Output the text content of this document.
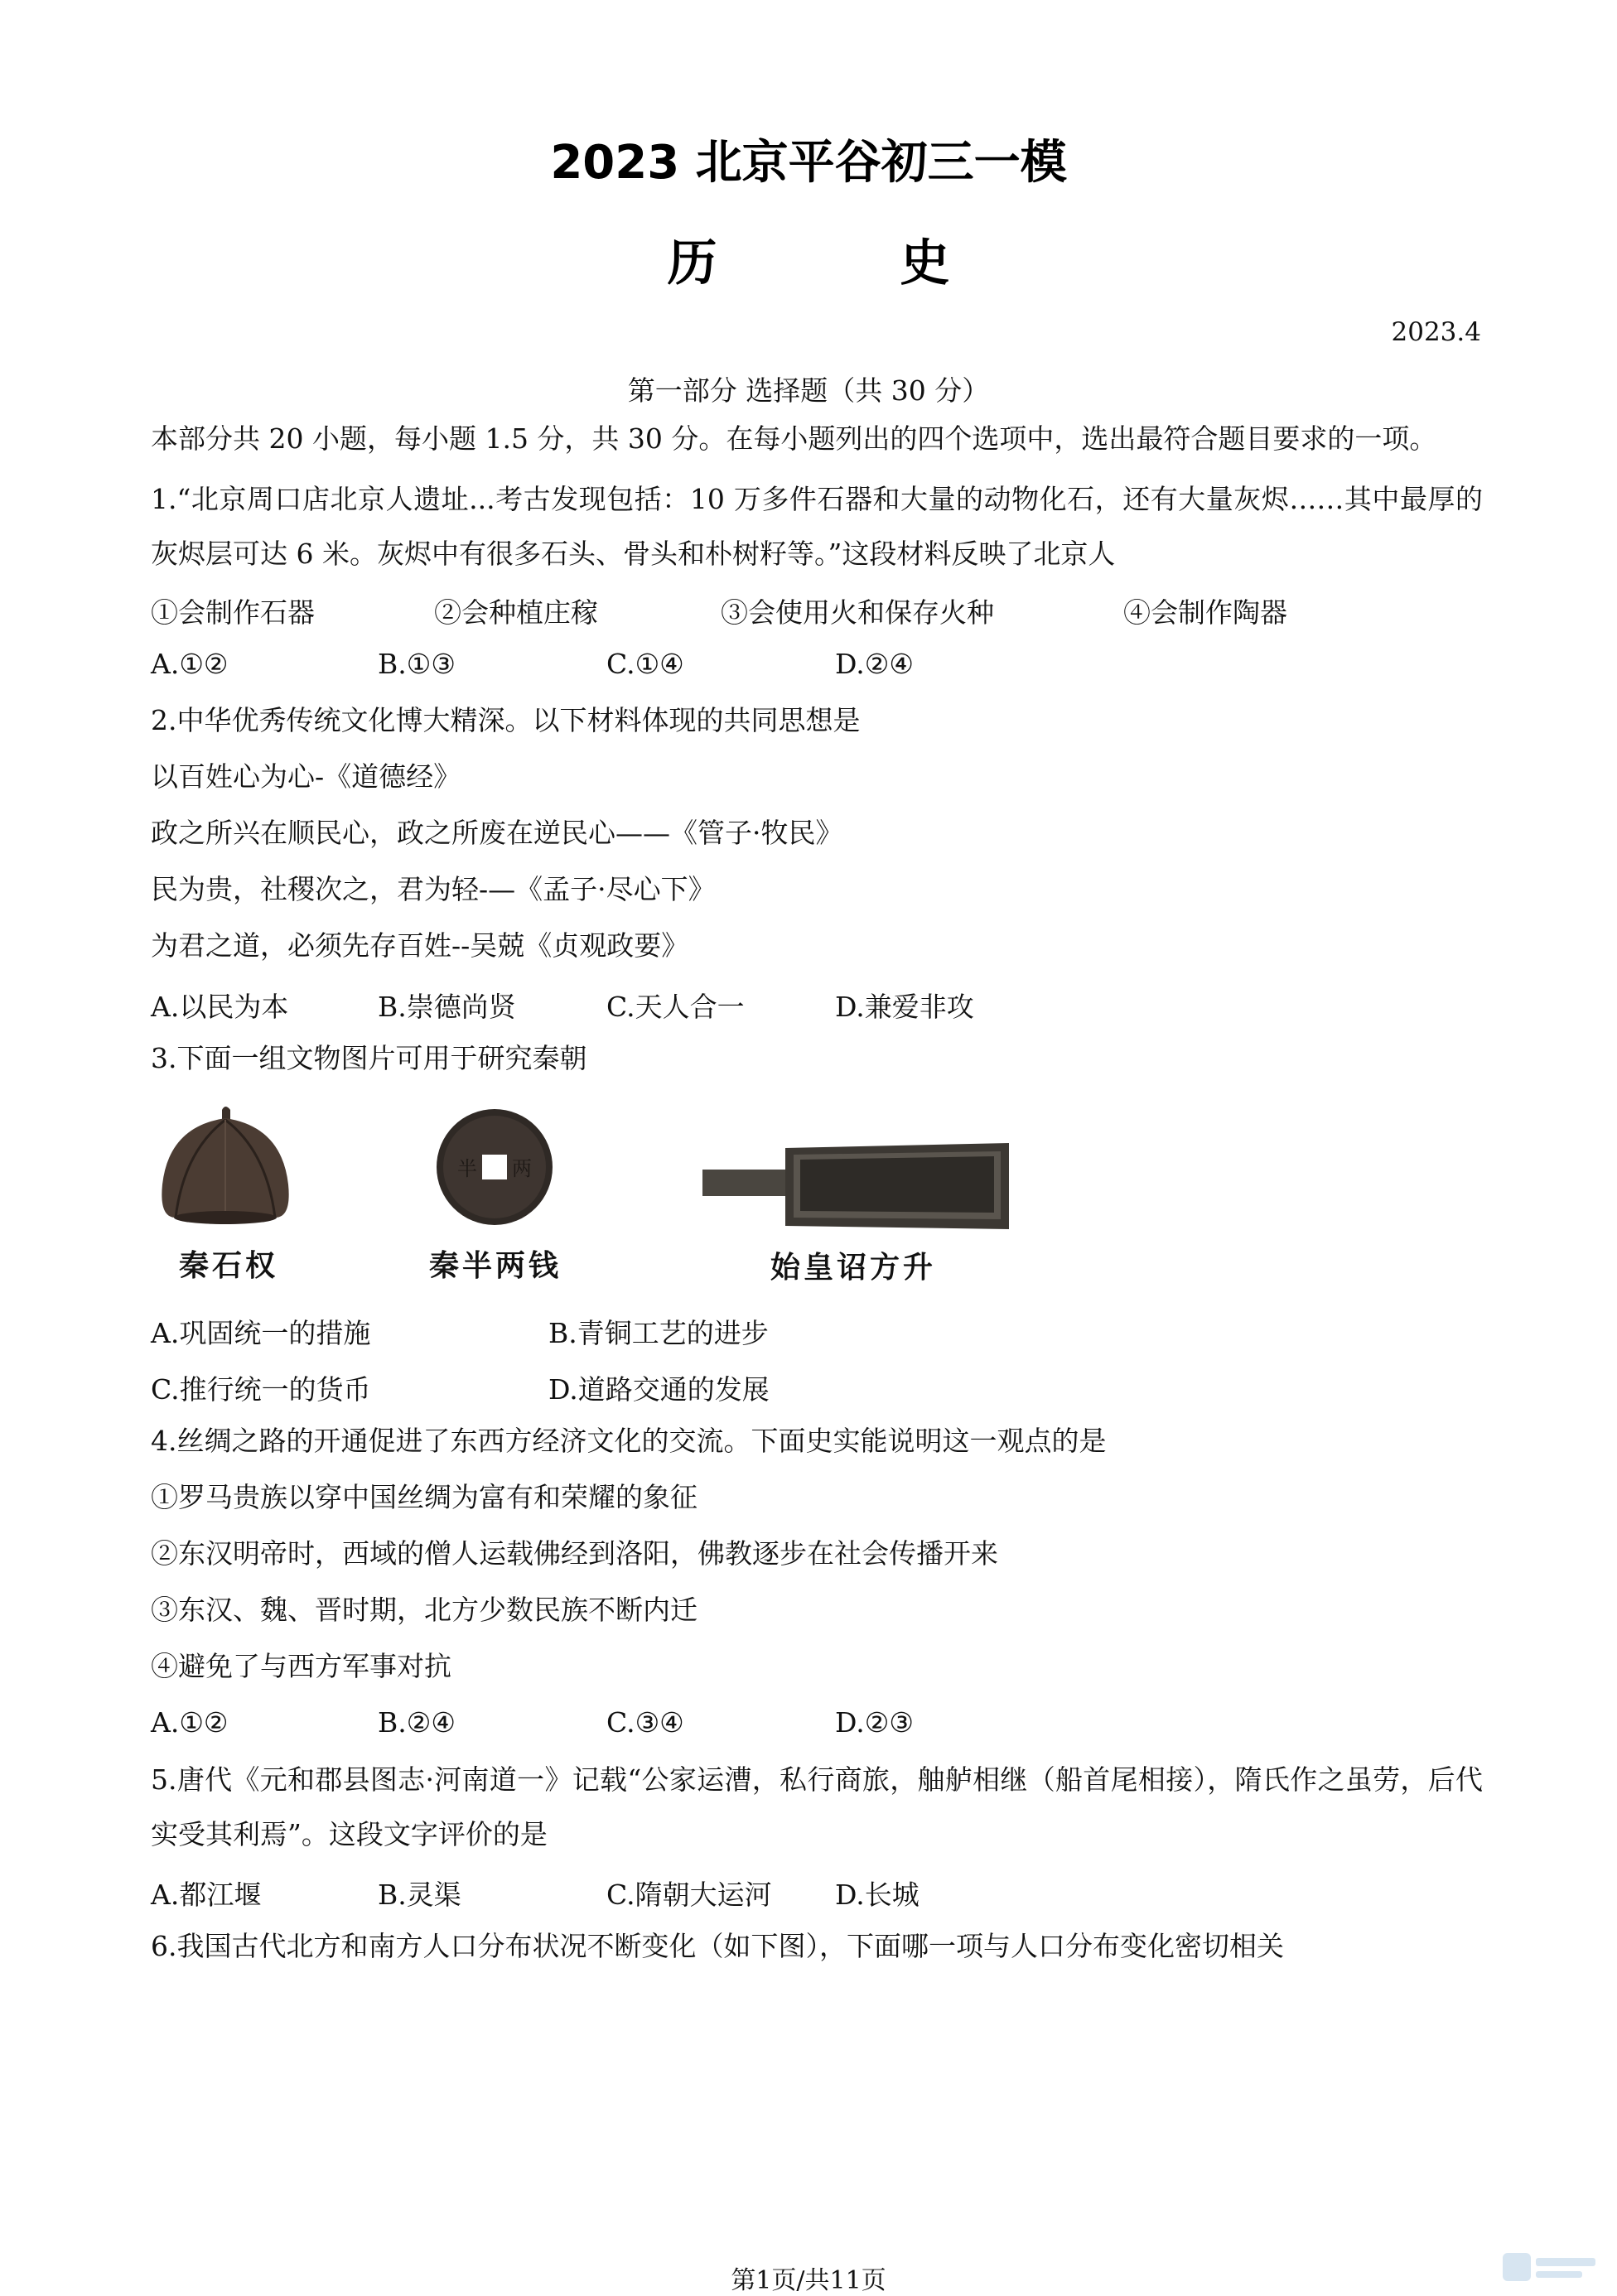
2023 北京平谷初三一模
历 史
2023.4
第一部分 选择题（共 30 分）
本部分共 20 小题，每小题 1.5 分，共 30 分。在每小题列出的四个选项中，选出最符合题目要求的一项。
1.“北京周口店北京人遗址...考古发现包括：10 万多件石器和大量的动物化石，还有大量灰烬……其中最厚的灰烬层可达 6 米。灰烬中有很多石头、骨头和朴树籽等。”这段材料反映了北京人
①会制作石器	②会种植庄稼	③会使用火和保存火种	④会制作陶器
A.①②	B.①③	C.①④	D.②④
2.中华优秀传统文化博大精深。以下材料体现的共同思想是
以百姓心为心-《道德经》
政之所兴在顺民心，政之所废在逆民心——《管子·牧民》
民为贵，社稷次之，君为轻-—《孟子·尽心下》
为君之道，必须先存百姓--吴兢《贞观政要》
A.以民为本	B.崇德尚贤	C.天人合一	D.兼爱非攻
3.下面一组文物图片可用于研究秦朝
秦石权
半 两
秦半两钱	始皇诏方升
A.巩固统一的措施	B.青铜工艺的进步
C.推行统一的货币	D.道路交通的发展
4.丝绸之路的开通促进了东西方经济文化的交流。下面史实能说明这一观点的是
①罗马贵族以穿中国丝绸为富有和荣耀的象征
②东汉明帝时，西域的僧人运载佛经到洛阳，佛教逐步在社会传播开来
③东汉、魏、晋时期，北方少数民族不断内迁
④避免了与西方军事对抗
A.①②	B.②④	C.③④	D.②③
5.唐代《元和郡县图志·河南道一》记载“公家运漕，私行商旅，舳舻相继（船首尾相接），隋氏作之虽劳，后代实受其利焉”。这段文字评价的是
A.都江堰	B.灵渠	C.隋朝大运河 D.长城
6.我国古代北方和南方人口分布状况不断变化（如下图），下面哪一项与人口分布变化密切相关
第1页/共11页
